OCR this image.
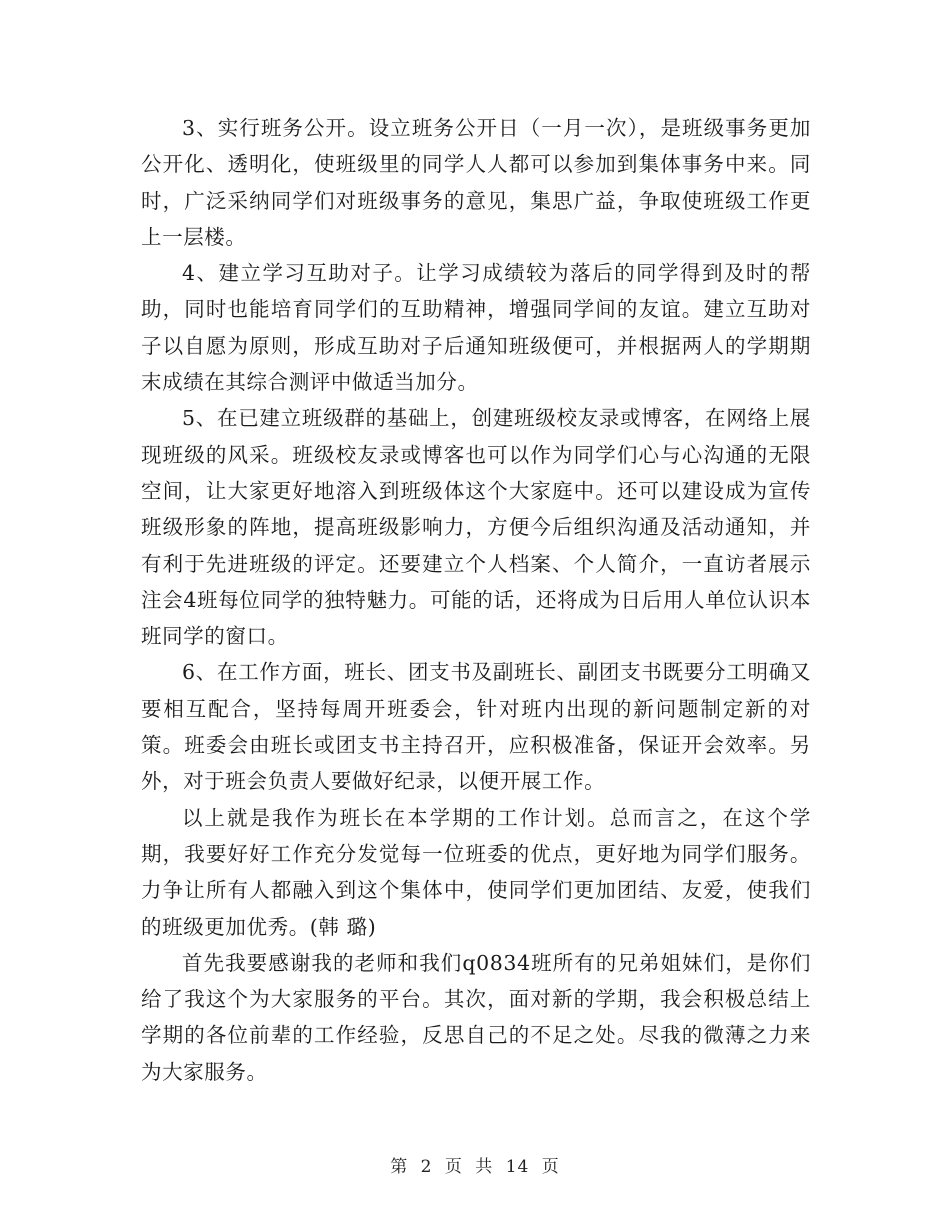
3、实行班务公开。设立班务公开日（一月一次），是班级事务更加公开化、透明化，使班级里的同学人人都可以参加到集体事务中来。同时，广泛采纳同学们对班级事务的意见，集思广益，争取使班级工作更上一层楼。

4、建立学习互助对子。让学习成绩较为落后的同学得到及时的帮助，同时也能培育同学们的互助精神，增强同学间的友谊。建立互助对子以自愿为原则，形成互助对子后通知班级便可，并根据两人的学期期末成绩在其综合测评中做适当加分。

5、在已建立班级群的基础上，创建班级校友录或博客，在网络上展现班级的风采。班级校友录或博客也可以作为同学们心与心沟通的无限空间，让大家更好地溶入到班级体这个大家庭中。还可以建设成为宣传班级形象的阵地，提高班级影响力，方便今后组织沟通及活动通知，并有利于先进班级的评定。还要建立个人档案、个人简介，一直访者展示注会4班每位同学的独特魅力。可能的话，还将成为日后用人单位认识本班同学的窗口。

6、在工作方面，班长、团支书及副班长、副团支书既要分工明确又要相互配合，坚持每周开班委会，针对班内出现的新问题制定新的对策。班委会由班长或团支书主持召开，应积极准备，保证开会效率。另外，对于班会负责人要做好纪录，以便开展工作。

以上就是我作为班长在本学期的工作计划。总而言之，在这个学期，我要好好工作充分发觉每一位班委的优点，更好地为同学们服务。力争让所有人都融入到这个集体中，使同学们更加团结、友爱，使我们的班级更加优秀。(韩 璐)

首先我要感谢我的老师和我们q0834班所有的兄弟姐妹们，是你们给了我这个为大家服务的平台。其次，面对新的学期，我会积极总结上学期的各位前辈的工作经验，反思自己的不足之处。尽我的微薄之力来为大家服务。

第 2 页 共 14 页
